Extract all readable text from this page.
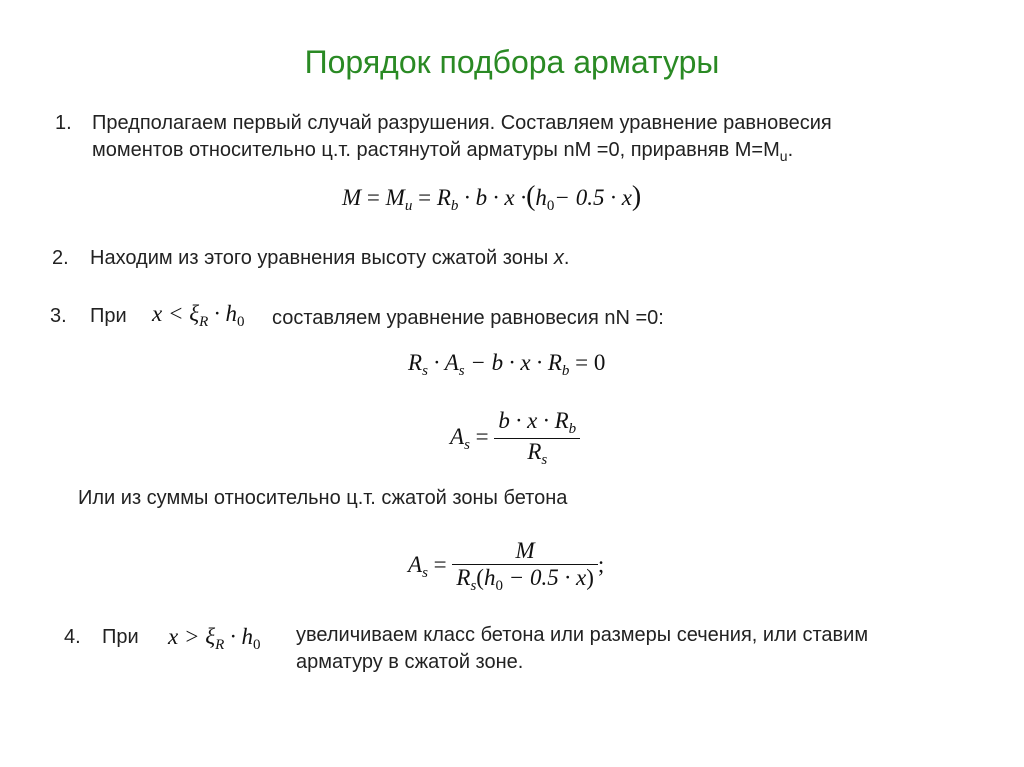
Порядок подбора арматуры
1. Предполагаем первый случай разрушения. Составляем уравнение равновесия
моментов относительно ц.т. растянутой арматуры nM =0, приравняв $M=M_u$.
$M = M_u = R_b \cdot b \cdot x \cdot(h_0- 0.5 \cdot x)$
2. Находим из этого уравнения высоту сжатой зоны x.
3. При $x < \xi_R \cdot h_0$ составляем уравнение равновесия nN =0:
$R_s \cdot A_s - b \cdot x \cdot R_b = 0$
$A_s = \frac{b \cdot x \cdot R_b}{R_s}$
Или из суммы относительно ц.т. сжатой зоны бетона
$A_s = \frac{M}{R_s(h_0 - 0.5 \cdot x)}$ ;
4. При $x > \xi_R \cdot h_0$ увеличиваем класс бетона или размеры сечения, или ставим
арматуру в сжатой зоне.
